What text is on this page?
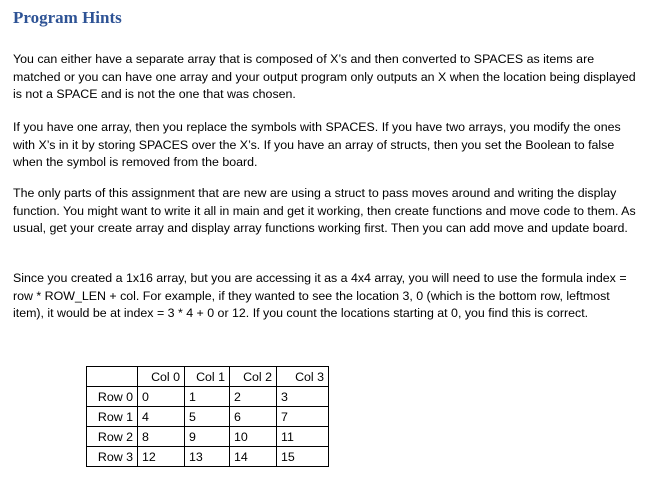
Program Hints

You can either have a separate array that is composed of X’s and then converted to SPACES as items are matched or you can have one array and your output program only outputs an X when the location being displayed is not a SPACE and is not the one that was chosen.

If you have one array, then you replace the symbols with SPACES. If you have two arrays, you modify the ones with X’s in it by storing SPACES over the X’s. If you have an array of structs, then you set the Boolean to false when the symbol is removed from the board.

The only parts of this assignment that are new are using a struct to pass moves around and writing the display function. You might want to write it all in main and get it working, then create functions and move code to them. As usual, get your create array and display array functions working first. Then you can add move and update board.

Since you created a 1x16 array, but you are accessing it as a 4x4 array, you will need to use the formula index = row * ROW_LEN + col. For example, if they wanted to see the location 3, 0 (which is the bottom row, leftmost item), it would be at index = 3 * 4 + 0 or 12. If you count the locations starting at 0, you find this is correct.

	Col 0	Col 1	Col 2	Col 3
Row 0	0	1	2	3
Row 1	4	5	6	7
Row 2	8	9	10	11
Row 3	12	13	14	15
